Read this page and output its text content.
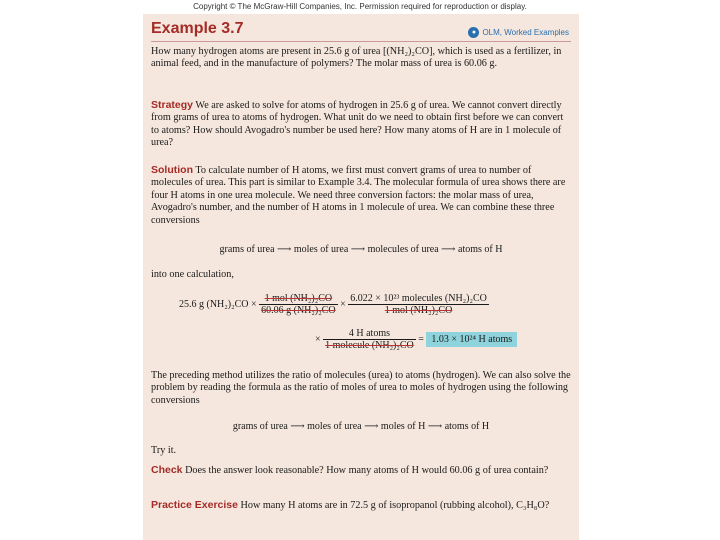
Copyright © The McGraw-Hill Companies, Inc. Permission required for reproduction or display.
Example 3.7	● OLM, Worked Examples
How many hydrogen atoms are present in 25.6 g of urea [(NH₂)₂CO], which is used as a fertilizer, in animal feed, and in the manufacture of polymers? The molar mass of urea is 60.06 g.
Strategy We are asked to solve for atoms of hydrogen in 25.6 g of urea. We cannot convert directly from grams of urea to atoms of hydrogen. What unit do we need to obtain first before we can convert to atoms? How should Avogadro's number be used here? How many atoms of H are in 1 molecule of urea?
Solution To calculate number of H atoms, we first must convert grams of urea to number of molecules of urea. This part is similar to Example 3.4. The molecular formula of urea shows there are four H atoms in one urea molecule. We need three conversion factors: the molar mass of urea, Avogadro's number, and the number of H atoms in 1 molecule of urea. We can combine these three conversions
grams of urea ⟶ moles of urea ⟶ molecules of urea ⟶ atoms of H
into one calculation,
25.6 g $(NH_2)_2CO \times \frac{\text{1 mol (NH₂)₂CO}}{\text{60.06 g (NH₂)₂CO}} \times \frac{\text{6.022 × 10²³ molecules (NH₂)₂CO}}{\text{1 mol (NH₂)₂CO}}$
× $\frac{\text{4 H atoms}}{\text{1 molecule (NH₂)₂CO}} = 1.03 \times 10^{24}$ H atoms
The preceding method utilizes the ratio of molecules (urea) to atoms (hydrogen). We can also solve the problem by reading the formula as the ratio of moles of urea to moles of hydrogen using the following conversions
grams of urea ⟶ moles of urea ⟶ moles of H ⟶ atoms of H
Try it.
Check Does the answer look reasonable? How many atoms of H would 60.06 g of urea contain?
Practice Exercise How many H atoms are in 72.5 g of isopropanol (rubbing alcohol), C₃H₈O?
